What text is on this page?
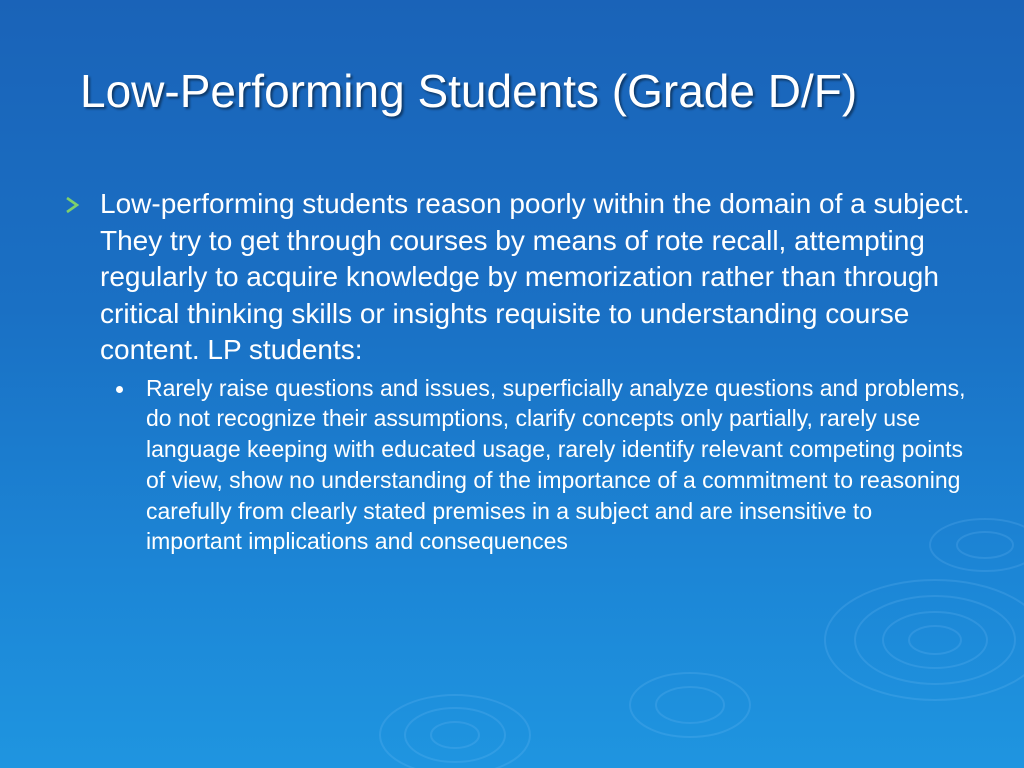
Low-Performing Students (Grade D/F)
Low-performing students reason poorly within the domain of a subject. They try to get through courses by means of rote recall, attempting regularly to acquire knowledge by memorization rather than through critical thinking skills or insights requisite to understanding course content. LP students:
Rarely raise questions and issues, superficially analyze questions and problems, do not recognize their assumptions, clarify concepts only partially, rarely use language keeping with educated usage, rarely identify relevant competing points of view, show no understanding of the importance of a commitment to reasoning carefully from clearly stated premises in a subject and are insensitive to important implications and consequences
